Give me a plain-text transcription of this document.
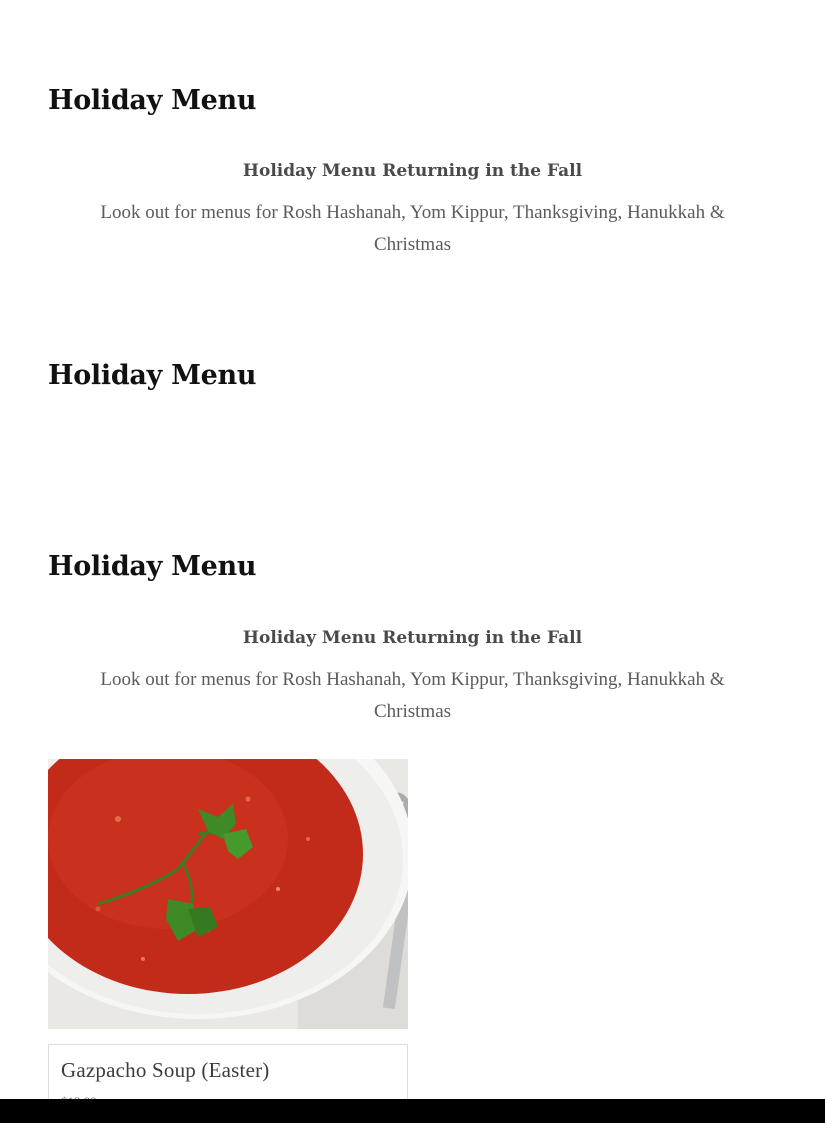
Holiday Menu

Holiday Menu Returning in the Fall

Look out for menus for Rosh Hashanah, Yom Kippur, Thanksgiving, Hanukkah & Christmas

Holiday Menu
Holiday Menu

Holiday Menu Returning in the Fall

Look out for menus for Rosh Hashanah, Yom Kippur, Thanksgiving, Hanukkah & Christmas

Gazpacho Soup (Easter)
